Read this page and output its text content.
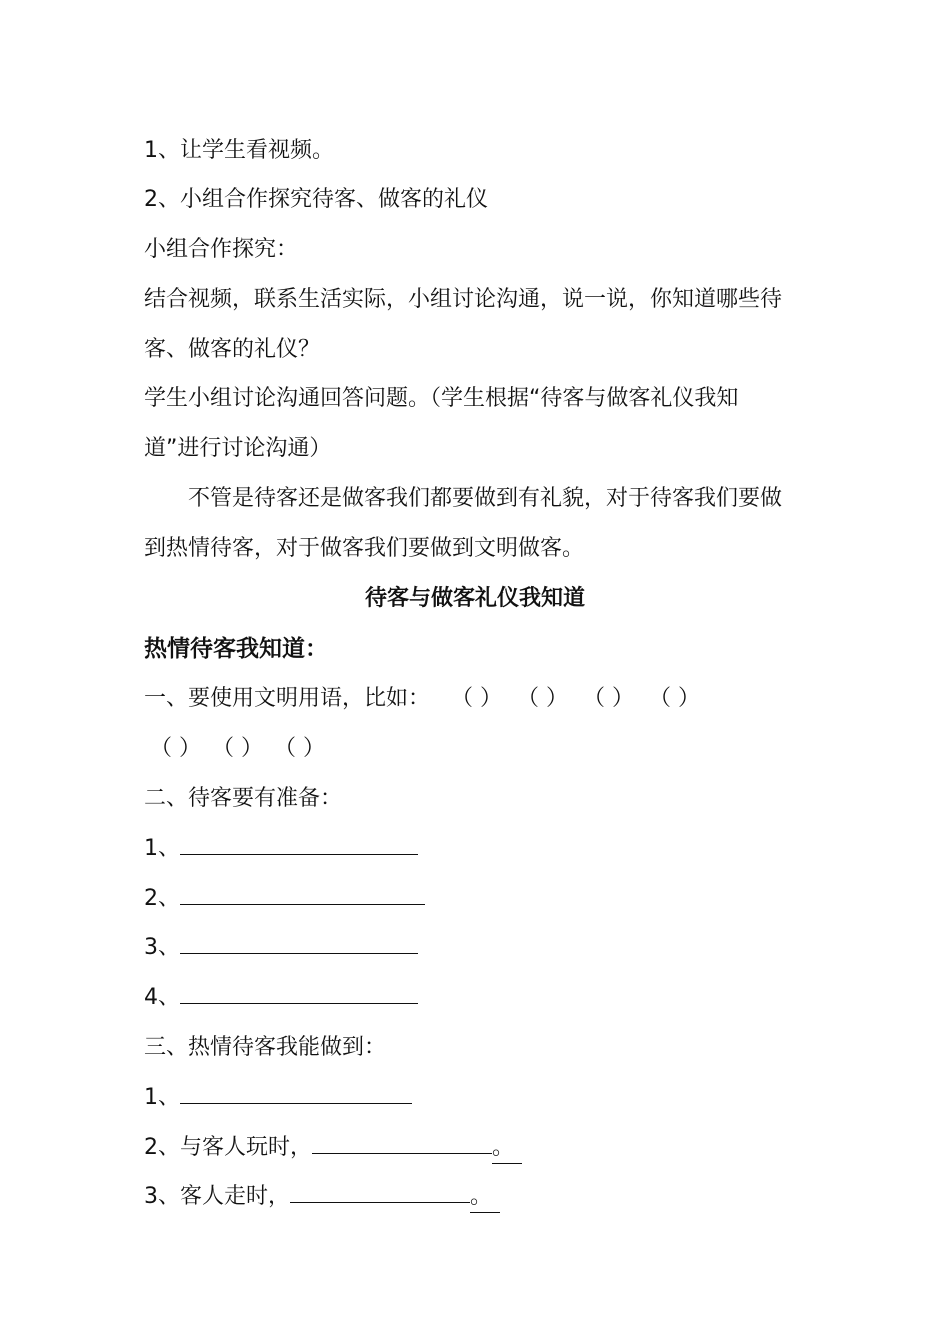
1、让学生看视频。
2、小组合作探究待客、做客的礼仪
小组合作探究：
结合视频，联系生活实际，小组讨论沟通，说一说，你知道哪些待
客、做客的礼仪？
学生小组讨论沟通回答问题。（学生根据“待客与做客礼仪我知
道”进行讨论沟通）
不管是待客还是做客我们都要做到有礼貌，对于待客我们要做
到热情待客，对于做客我们要做到文明做客。
待客与做客礼仪我知道
热情待客我知道：
一、要使用文明用语，比如： （ ） （ ） （ ） （ ）
（ ） （ ） （ ）
二、待客要有准备：
1、
2、
3、
4、
三、热情待客我能做到：
1、
2、与客人玩时，	。
3、客人走时，	。
